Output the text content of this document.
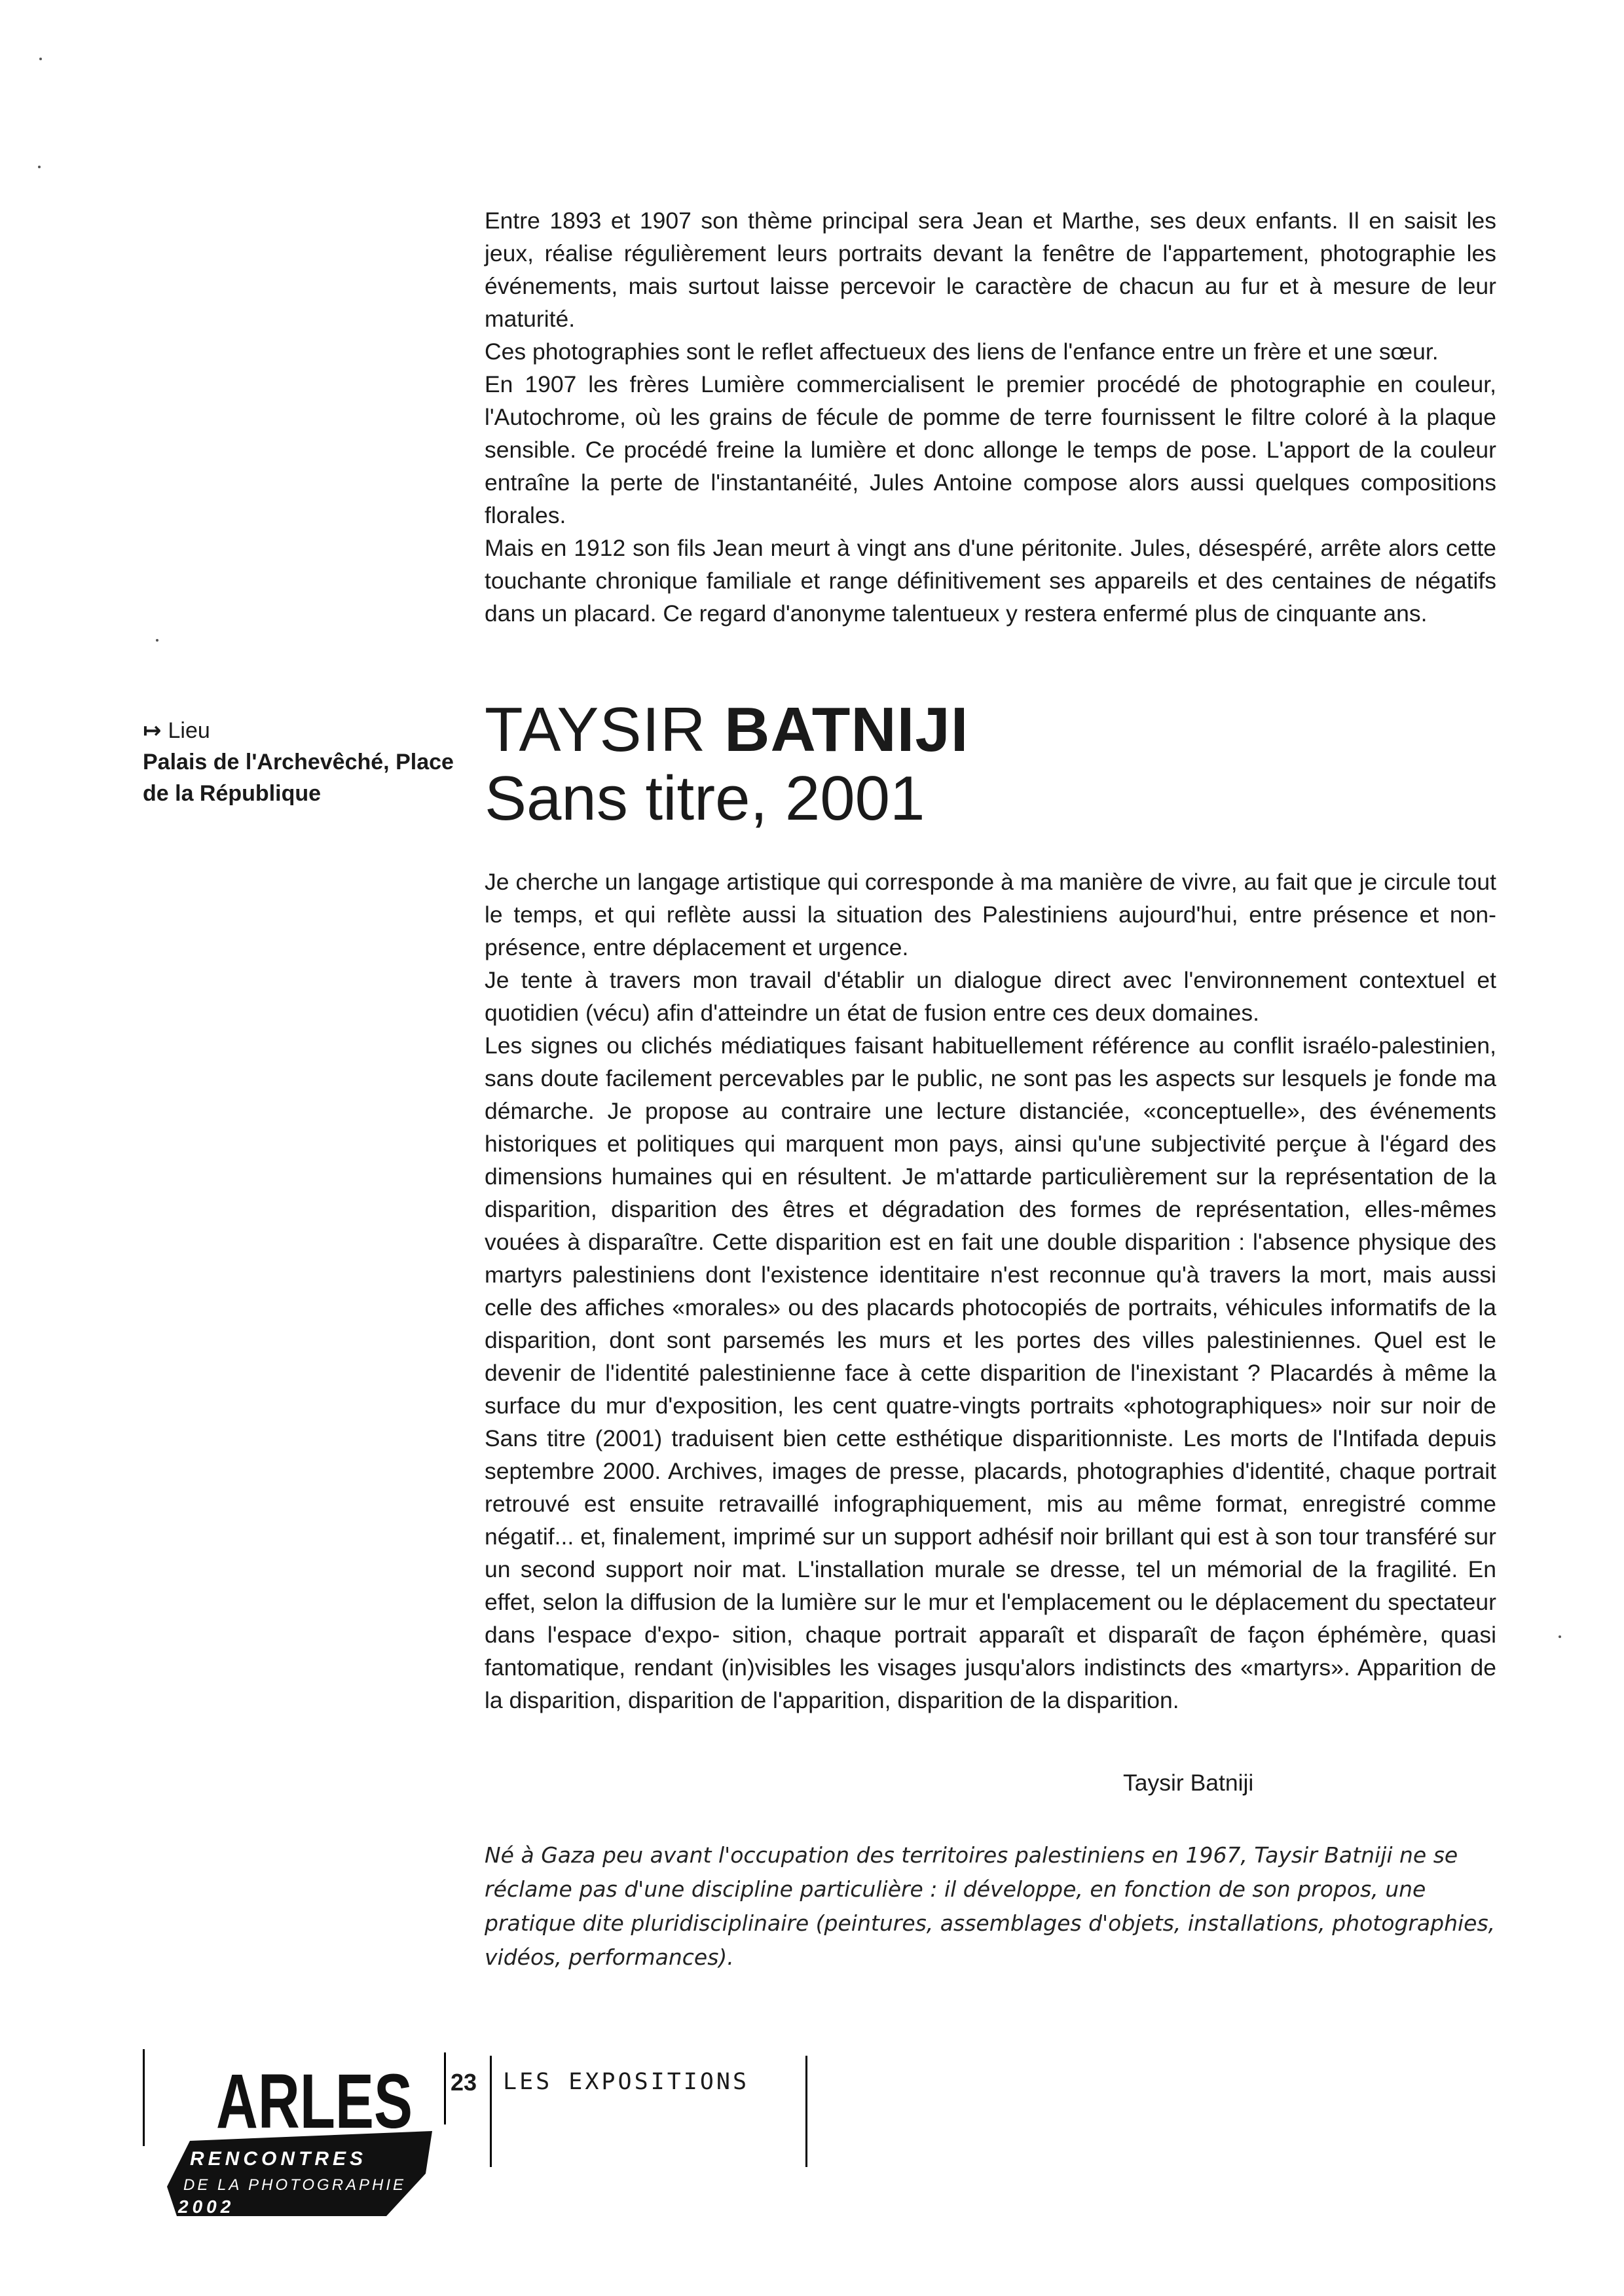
Entre 1893 et 1907 son thème principal sera Jean et Marthe, ses deux enfants. Il en saisit les jeux, réalise régulièrement leurs portraits devant la fenêtre de l'appartement, photographie les événements, mais surtout laisse percevoir le caractère de chacun au fur et à mesure de leur maturité.

Ces photographies sont le reflet affectueux des liens de l'enfance entre un frère et une sœur.

En 1907 les frères Lumière commercialisent le premier procédé de photographie en couleur, l'Autochrome, où les grains de fécule de pomme de terre fournissent le filtre coloré à la plaque sensible. Ce procédé freine la lumière et donc allonge le temps de pose. L'apport de la couleur entraîne la perte de l'instantanéité, Jules Antoine compose alors aussi quelques compositions florales.

Mais en 1912 son fils Jean meurt à vingt ans d'une péritonite. Jules, désespéré, arrête alors cette touchante chronique familiale et range définitivement ses appareils et des centaines de négatifs dans un placard. Ce regard d'anonyme talentueux y restera enfermé plus de cinquante ans.

↦ Lieu
Palais de l'Archevêché, Place de la République
TAYSIR BATNIJI
Sans titre, 2001

Je cherche un langage artistique qui corresponde à ma manière de vivre, au fait que je circule tout le temps, et qui reflète aussi la situation des Palestiniens aujourd'hui, entre présence et non-présence, entre déplacement et urgence.

Je tente à travers mon travail d'établir un dialogue direct avec l'environnement contextuel et quotidien (vécu) afin d'atteindre un état de fusion entre ces deux domaines.

Les signes ou clichés médiatiques faisant habituellement référence au conflit israélo-palestinien, sans doute facilement percevables par le public, ne sont pas les aspects sur lesquels je fonde ma démarche. Je propose au contraire une lecture distanciée, «conceptuelle», des événements historiques et politiques qui marquent mon pays, ainsi qu'une subjectivité perçue à l'égard des dimensions humaines qui en résultent. Je m'attarde particulièrement sur la représentation de la disparition, disparition des êtres et dégradation des formes de représentation, elles-mêmes vouées à disparaître. Cette disparition est en fait une double disparition : l'absence physique des martyrs palestiniens dont l'existence identitaire n'est reconnue qu'à travers la mort, mais aussi celle des affiches «morales» ou des placards photocopiés de portraits, véhicules informatifs de la disparition, dont sont parsemés les murs et les portes des villes palestiniennes. Quel est le devenir de l'identité palestinienne face à cette disparition de l'inexistant ? Placardés à même la surface du mur d'exposition, les cent quatre-vingts portraits «photographiques» noir sur noir de Sans titre (2001) traduisent bien cette esthétique disparitionniste. Les morts de l'Intifada depuis septembre 2000. Archives, images de presse, placards, photographies d'identité, chaque portrait retrouvé est ensuite retravaillé infographiquement, mis au même format, enregistré comme négatif... et, finalement, imprimé sur un support adhésif noir brillant qui est à son tour transféré sur un second support noir mat. L'installation murale se dresse, tel un mémorial de la fragilité. En effet, selon la diffusion de la lumière sur le mur et l'emplacement ou le déplacement du spectateur dans l'espace d'expo- sition, chaque portrait apparaît et disparaît de façon éphémère, quasi fantomatique, rendant (in)visibles les visages jusqu'alors indistincts des «martyrs». Apparition de la disparition, disparition de l'apparition, disparition de la disparition.

Taysir Batniji

Né à Gaza peu avant l'occupation des territoires palestiniens en 1967, Taysir Batniji ne se réclame pas d'une discipline particulière : il développe, en fonction de son propos, une pratique dite pluridisciplinaire (peintures, assemblages d'objets, installations, photographies, vidéos, performances).

ARLES
RENCONTRES
DE LA PHOTOGRAPHIE
2002
23 LES EXPOSITIONS
